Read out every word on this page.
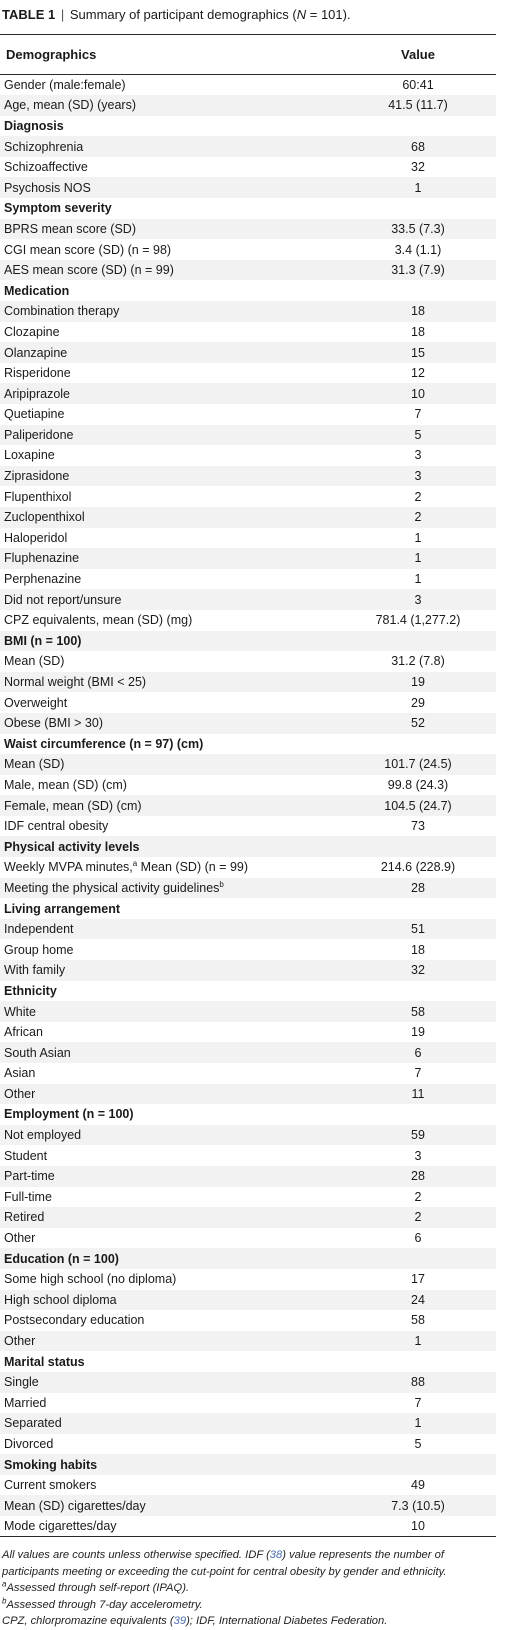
TABLE 1 | Summary of participant demographics (N = 101).
Demographics	Value
Gender (male:female)	60:41
Age, mean (SD) (years)	41.5 (11.7)
Diagnosis	
Schizophrenia	68
Schizoaffective	32
Psychosis NOS	1
Symptom severity	
BPRS mean score (SD)	33.5 (7.3)
CGI mean score (SD) (n = 98)	3.4 (1.1)
AES mean score (SD) (n = 99)	31.3 (7.9)
Medication	
Combination therapy	18
Clozapine	18
Olanzapine	15
Risperidone	12
Aripiprazole	10
Quetiapine	7
Paliperidone	5
Loxapine	3
Ziprasidone	3
Flupenthixol	2
Zuclopenthixol	2
Haloperidol	1
Fluphenazine	1
Perphenazine	1
Did not report/unsure	3
CPZ equivalents, mean (SD) (mg)	781.4 (1,277.2)
BMI (n = 100)	
Mean (SD)	31.2 (7.8)
Normal weight (BMI < 25)	19
Overweight	29
Obese (BMI > 30)	52
Waist circumference (n = 97) (cm)	
Mean (SD)	101.7 (24.5)
Male, mean (SD) (cm)	99.8 (24.3)
Female, mean (SD) (cm)	104.5 (24.7)
IDF central obesity	73
Physical activity levels	
Weekly MVPA minutes,$^a$ Mean (SD) (n = 99)	214.6 (228.9)
Meeting the physical activity guidelines$^b$	28
Living arrangement	
Independent	51
Group home	18
With family	32
Ethnicity	
White	58
African	19
South Asian	6
Asian	7
Other	11
Employment (n = 100)	
Not employed	59
Student	3
Part-time	28
Full-time	2
Retired	2
Other	6
Education (n = 100)	
Some high school (no diploma)	17
High school diploma	24
Postsecondary education	58
Other	1
Marital status	
Single	88
Married	7
Separated	1
Divorced	5
Smoking habits	
Current smokers	49
Mean (SD) cigarettes/day	7.3 (10.5)
Mode cigarettes/day	10

All values are counts unless otherwise specified. IDF (38) value represents the number of participants meeting or exceeding the cut-point for central obesity by gender and ethnicity.

$^a$Assessed through self-report (IPAQ).

$^b$Assessed through 7-day accelerometry.

CPZ, chlorpromazine equivalents (39); IDF, International Diabetes Federation.
